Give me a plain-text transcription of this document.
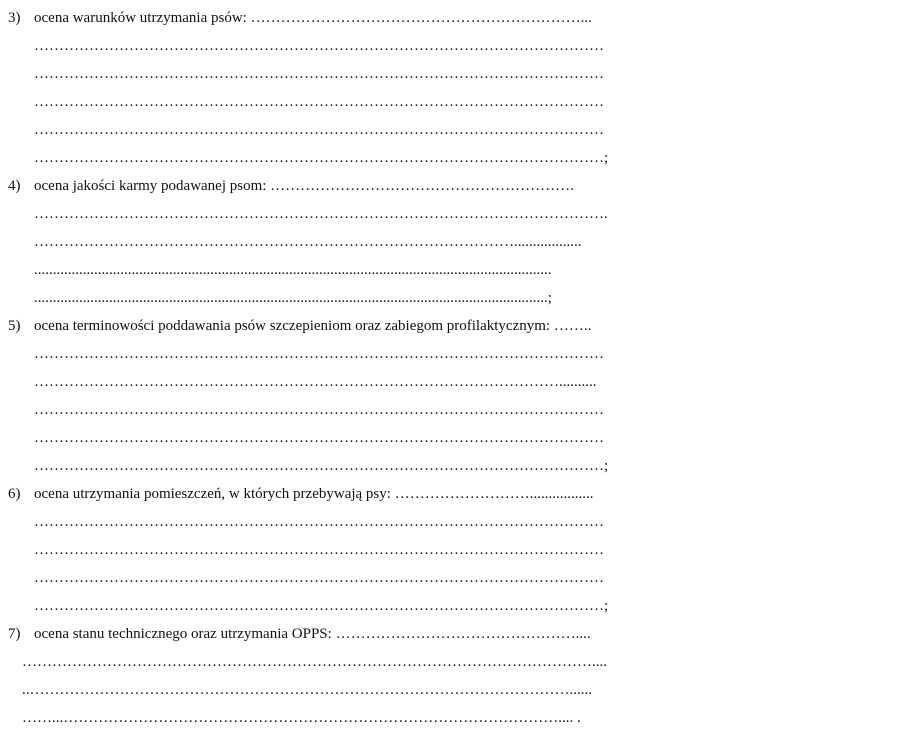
3) ocena warunków utrzymania psów: …………………………………………………………...
……………………………………………………………………………………………………
……………………………………………………………………………………………………
……………………………………………………………………………………………………
……………………………………………………………………………………………………
……………………………………………………………………………………………………;
4) ocena jakości karmy podawanej psom: …………………………………………………….
…………………………………………………………………………………………………….
……………………………………………………………………………………..................
..........................................................................................................................................
.........................................................................................................................................;
5) ocena terminowości poddawania psów szczepieniom oraz zabiegom profilaktycznym: ……..
……………………………………………………………………………………………………
……………………………………………………………………………………………..........
……………………………………………………………………………………………………
……………………………………………………………………………………………………
……………………………………………………………………………………………………;
6) ocena utrzymania pomieszczeń, w których przebywają psy: ……………………….................
……………………………………………………………………………………………………
……………………………………………………………………………………………………
……………………………………………………………………………………………………
……………………………………………………………………………………………………;
7) ocena stanu technicznego oraz utrzymania OPPS: …………………………………………....
……………………………………………………………………………………………………....
..………………………………………………………………………………………………......
……...……………………………………………………………………………………….... .
